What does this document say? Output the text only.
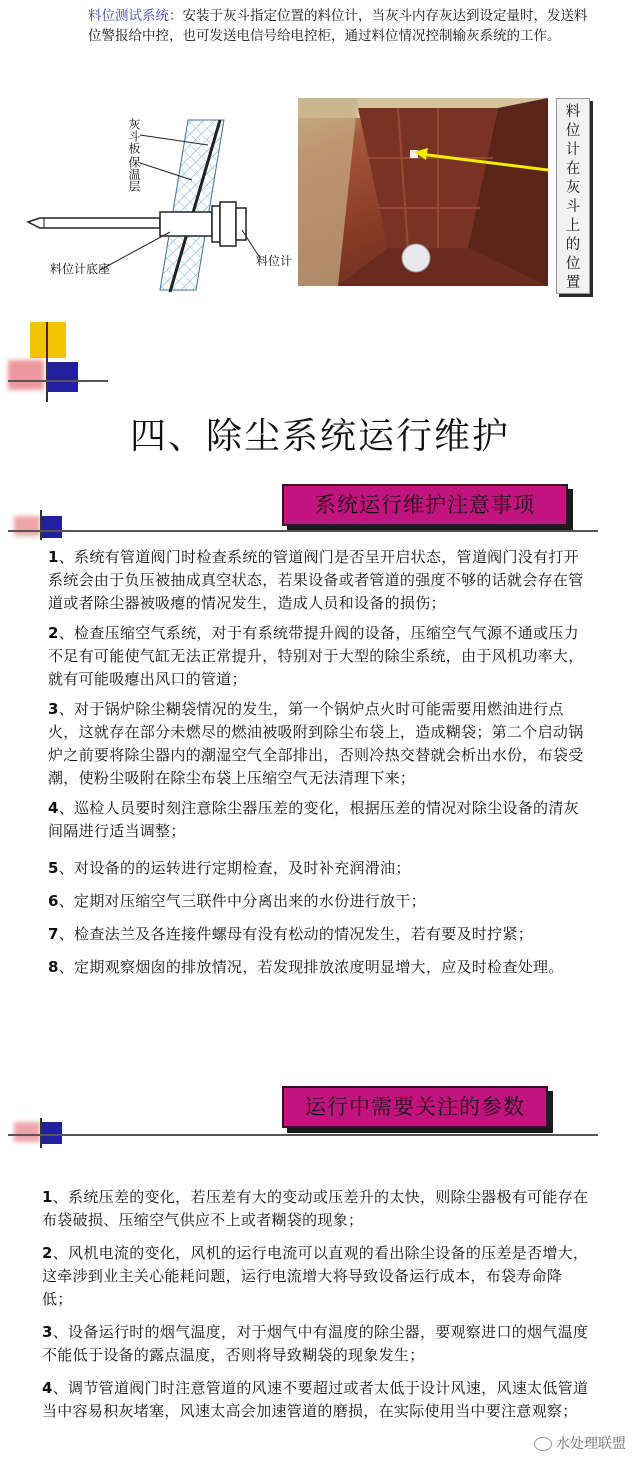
料位测试系统：安装于灰斗指定位置的料位计，当灰斗内存灰达到设定量时，发送料位警报给中控，也可发送电信号给电控柜，通过料位情况控制输灰系统的工作。
灰斗板
保温层
料位计底座
料位计
料位计在灰斗上的位置
四、除尘系统运行维护
系统运行维护注意事项

1、系统有管道阀门时检查系统的管道阀门是否呈开启状态，管道阀门没有打开系统会由于负压被抽成真空状态，若果设备或者管道的强度不够的话就会存在管道或者除尘器被吸瘪的情况发生，造成人员和设备的损伤；

2、检查压缩空气系统，对于有系统带提升阀的设备，压缩空气气源不通或压力不足有可能使气缸无法正常提升，特别对于大型的除尘系统，由于风机功率大，就有可能吸瘪出风口的管道；

3、对于锅炉除尘糊袋情况的发生，第一个锅炉点火时可能需要用燃油进行点火，这就存在部分未燃尽的燃油被吸附到除尘布袋上，造成糊袋；第二个启动锅炉之前要将除尘器内的潮湿空气全部排出，否则冷热交替就会析出水份，布袋受潮，使粉尘吸附在除尘布袋上压缩空气无法清理下来；

4、巡检人员要时刻注意除尘器压差的变化，根据压差的情况对除尘设备的清灰间隔进行适当调整；

5、对设备的的运转进行定期检查，及时补充润滑油；

6、定期对压缩空气三联件中分离出来的水份进行放干；

7、检查法兰及各连接件螺母有没有松动的情况发生，若有要及时拧紧；

8、定期观察烟囱的排放情况，若发现排放浓度明显增大，应及时检查处理。

运行中需要关注的参数

1、系统压差的变化，若压差有大的变动或压差升的太快，则除尘器极有可能存在布袋破损、压缩空气供应不上或者糊袋的现象；

2、风机电流的变化，风机的运行电流可以直观的看出除尘设备的压差是否增大，这牵涉到业主关心能耗问题，运行电流增大将导致设备运行成本，布袋寿命降低；

3、设备运行时的烟气温度，对于烟气中有温度的除尘器，要观察进口的烟气温度不能低于设备的露点温度，否则将导致糊袋的现象发生；

4、调节管道阀门时注意管道的风速不要超过或者太低于设计风速，风速太低管道当中容易积灰堵塞，风速太高会加速管道的磨损，在实际使用当中要注意观察；

水处理联盟
